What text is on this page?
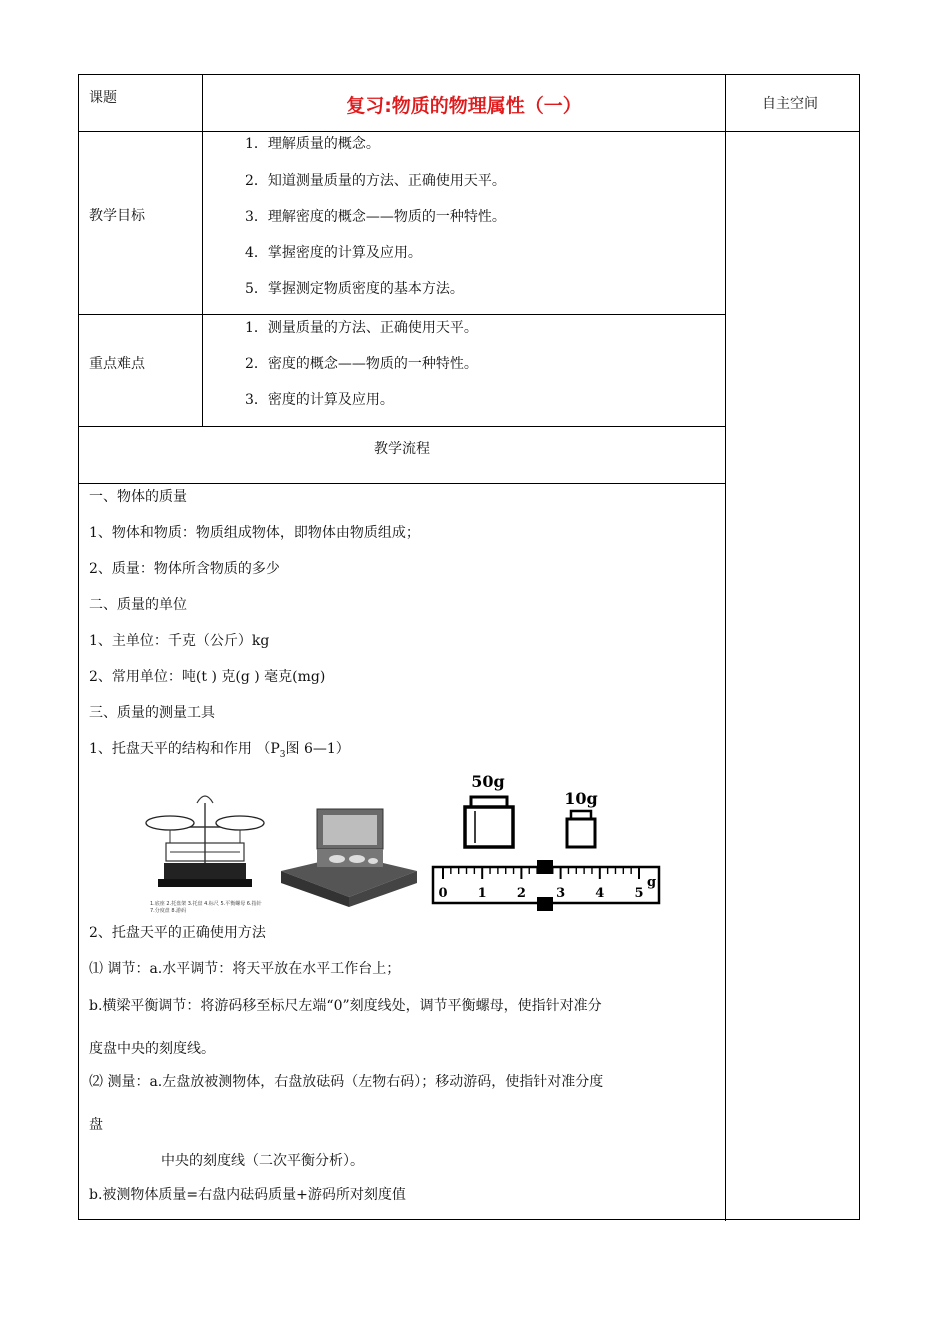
课题	复习:物质的物理属性（一）	自主空间
教学目标
1．理解质量的概念。
2．知道测量质量的方法、正确使用天平。
3．理解密度的概念——物质的一种特性。
4．掌握密度的计算及应用。
5．掌握测定物质密度的基本方法。
重点难点
1．测量质量的方法、正确使用天平。
2．密度的概念——物质的一种特性。
3．密度的计算及应用。
教学流程
一、物体的质量
1、物体和物质：物质组成物体，即物体由物质组成；
2、质量：物体所含物质的多少
二、质量的单位
1、主单位：千克（公斤）kg
2、常用单位：吨(t ) 克(g ) 毫克(mg)
三、质量的测量工具
1、托盘天平的结构和作用 （$P_3$图 6—1）
1.底座 2.托盘架 3.托盘 4.标尺 5.平衡螺母 6.指针
7.分度盘 8.游码
50g
10g
0 1 2 3 4 5
g
2、托盘天平的正确使用方法
⑴ 调节：a.水平调节：将天平放在水平工作台上；
b.横梁平衡调节：将游码移至标尺左端“0”刻度线处，调节平衡螺母，使指针对准分
度盘中央的刻度线。
⑵ 测量：a.左盘放被测物体，右盘放砝码（左物右码）；移动游码，使指针对准分度
盘
中央的刻度线（二次平衡分析）。
b.被测物体质量=右盘内砝码质量+游码所对刻度值
